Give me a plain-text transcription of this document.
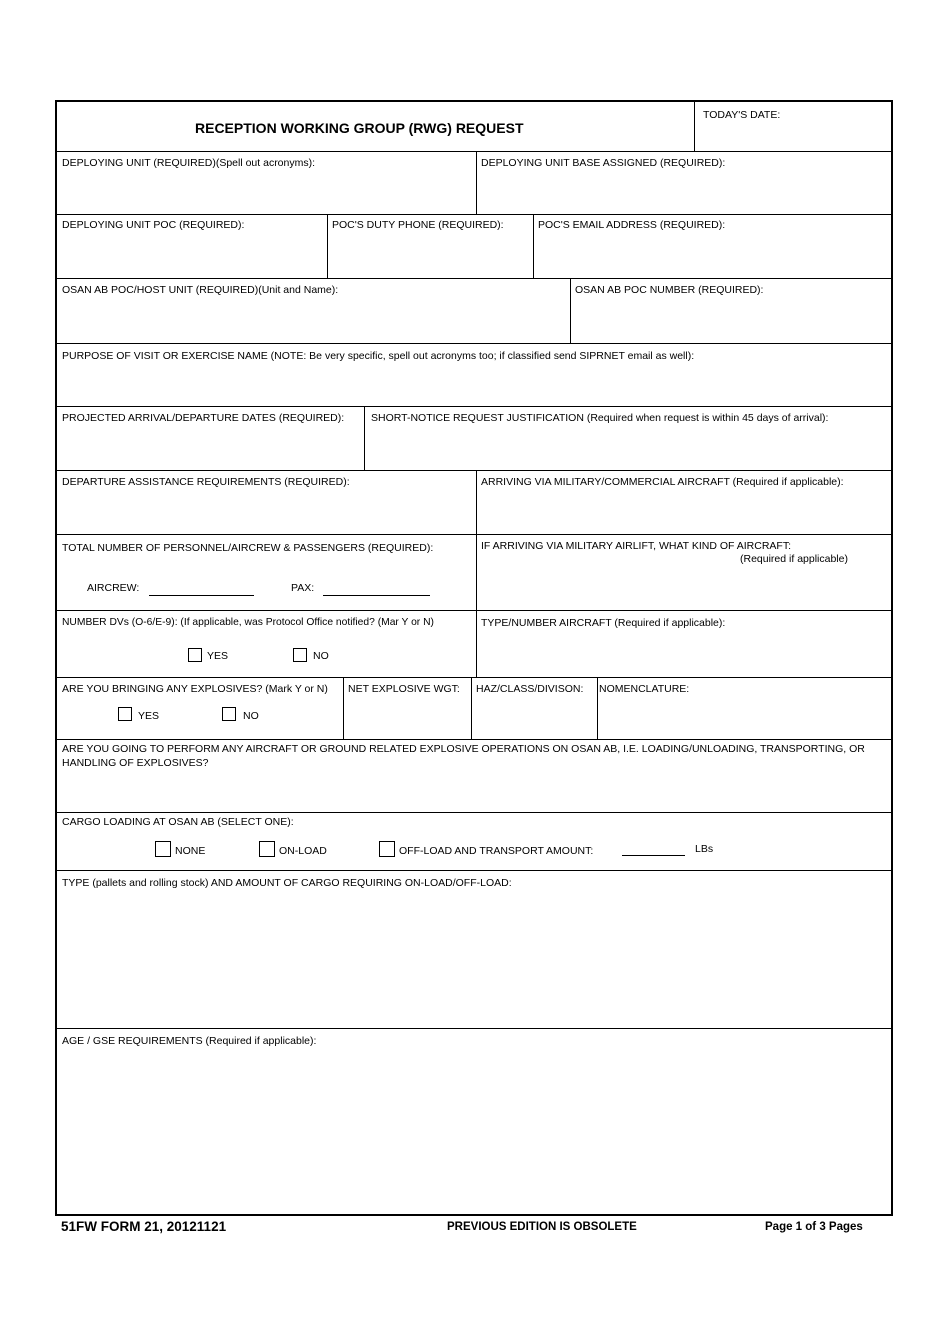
RECEPTION WORKING GROUP (RWG) REQUEST
TODAY'S DATE:
DEPLOYING UNIT (REQUIRED)(Spell out acronyms):	DEPLOYING UNIT BASE ASSIGNED (REQUIRED):
DEPLOYING UNIT POC (REQUIRED):	POC'S DUTY PHONE (REQUIRED):	POC'S EMAIL ADDRESS (REQUIRED):
OSAN AB POC/HOST UNIT (REQUIRED)(Unit and Name):	OSAN AB POC NUMBER (REQUIRED):
PURPOSE OF VISIT OR EXERCISE NAME (NOTE: Be very specific, spell out acronyms too; if classified send SIPRNET email as well):
PROJECTED ARRIVAL/DEPARTURE DATES (REQUIRED):	SHORT-NOTICE REQUEST JUSTIFICATION (Required when request is within 45 days of arrival):
DEPARTURE ASSISTANCE REQUIREMENTS (REQUIRED):	ARRIVING VIA MILITARY/COMMERCIAL AIRCRAFT (Required if applicable):
TOTAL NUMBER OF PERSONNEL/AIRCREW & PASSENGERS (REQUIRED):
AIRCREW:	PAX:
IF ARRIVING VIA MILITARY AIRLIFT, WHAT KIND OF AIRCRAFT:
(Required if applicable)
NUMBER DVs (O-6/E-9): (If applicable, was Protocol Office notified? (Mar Y or N)
YES	NO
TYPE/NUMBER AIRCRAFT (Required if applicable):
ARE YOU BRINGING ANY EXPLOSIVES? (Mark Y or N)
YES	NO
NET EXPLOSIVE WGT: HAZ/CLASS/DIVISON: NOMENCLATURE:
ARE YOU GOING TO PERFORM ANY AIRCRAFT OR GROUND RELATED EXPLOSIVE OPERATIONS ON OSAN AB, I.E. LOADING/UNLOADING, TRANSPORTING, OR HANDLING OF EXPLOSIVES?
CARGO LOADING AT OSAN AB (SELECT ONE):
NONE	ON-LOAD	OFF-LOAD AND TRANSPORT AMOUNT:	LBs
TYPE (pallets and rolling stock) AND AMOUNT OF CARGO REQUIRING ON-LOAD/OFF-LOAD:
AGE / GSE REQUIREMENTS (Required if applicable):
51FW FORM 21, 20121121	PREVIOUS EDITION IS OBSOLETE	Page 1 of 3 Pages
